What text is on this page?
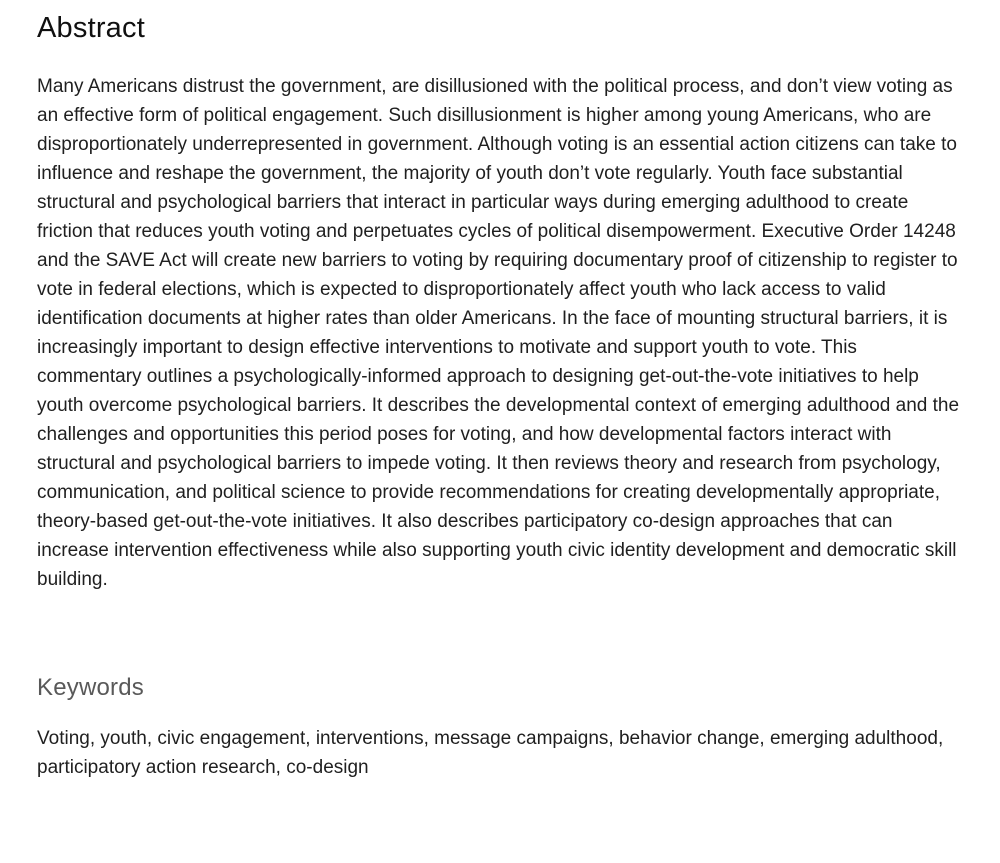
Abstract

Many Americans distrust the government, are disillusioned with the political process, and don’t view voting as an effective form of political engagement. Such disillusionment is higher among young Americans, who are disproportionately underrepresented in government. Although voting is an essential action citizens can take to influence and reshape the government, the majority of youth don’t vote regularly. Youth face substantial structural and psychological barriers that interact in particular ways during emerging adulthood to create friction that reduces youth voting and perpetuates cycles of political disempowerment. Executive Order 14248 and the SAVE Act will create new barriers to voting by requiring documentary proof of citizenship to register to vote in federal elections, which is expected to disproportionately affect youth who lack access to valid identification documents at higher rates than older Americans. In the face of mounting structural barriers, it is increasingly important to design effective interventions to motivate and support youth to vote. This commentary outlines a psychologically-informed approach to designing get-out-the-vote initiatives to help youth overcome psychological barriers. It describes the developmental context of emerging adulthood and the challenges and opportunities this period poses for voting, and how developmental factors interact with structural and psychological barriers to impede voting. It then reviews theory and research from psychology, communication, and political science to provide recommendations for creating developmentally appropriate, theory-based get-out-the-vote initiatives. It also describes participatory co-design approaches that can increase intervention effectiveness while also supporting youth civic identity development and democratic skill building.

Keywords

Voting, youth, civic engagement, interventions, message campaigns, behavior change, emerging adulthood, participatory action research, co-design
